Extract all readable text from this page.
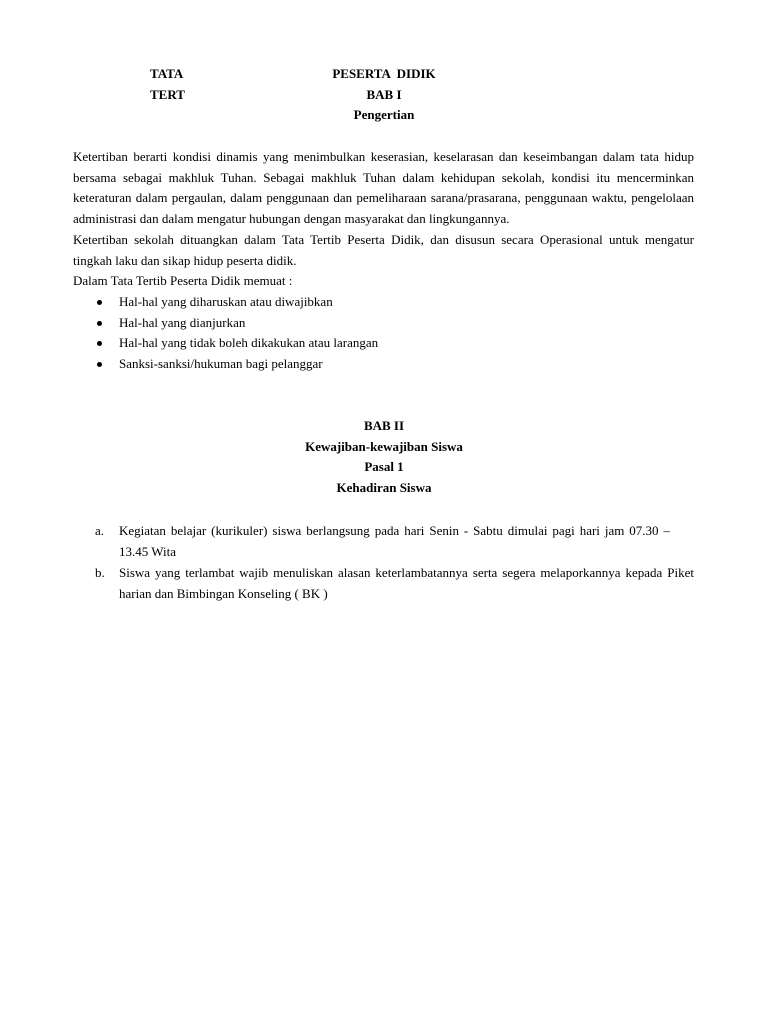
TATA
TERT
PESERTA  DIDIK
BAB I
Pengertian

Ketertiban berarti kondisi dinamis yang menimbulkan keserasian, keselarasan dan keseimbangan dalam tata hidup bersama sebagai makhluk Tuhan. Sebagai makhluk Tuhan dalam kehidupan sekolah, kondisi itu mencerminkan keteraturan dalam pergaulan, dalam penggunaan dan pemeliharaan sarana/prasarana, penggunaan waktu, pengelolaan administrasi dan dalam mengatur hubungan dengan masyarakat dan lingkungannya.

Ketertiban sekolah dituangkan dalam Tata Tertib Peserta Didik, dan disusun secara Operasional untuk mengatur tingkah laku dan sikap hidup peserta didik.

Dalam Tata Tertib Peserta Didik memuat :

Hal-hal yang diharuskan atau diwajibkan
Hal-hal yang dianjurkan
Hal-hal yang tidak boleh dikakukan atau larangan
Sanksi-sanksi/hukuman bagi pelanggar
BAB II
Kewajiban-kewajiban Siswa
Pasal 1
Kehadiran Siswa
a. Kegiatan belajar (kurikuler) siswa berlangsung pada hari Senin - Sabtu dimulai pagi hari jam 07.30 – 13.45 Wita
b. Siswa yang terlambat wajib menuliskan alasan keterlambatannya serta segera melaporkannya kepada Piket harian dan Bimbingan Konseling ( BK )
